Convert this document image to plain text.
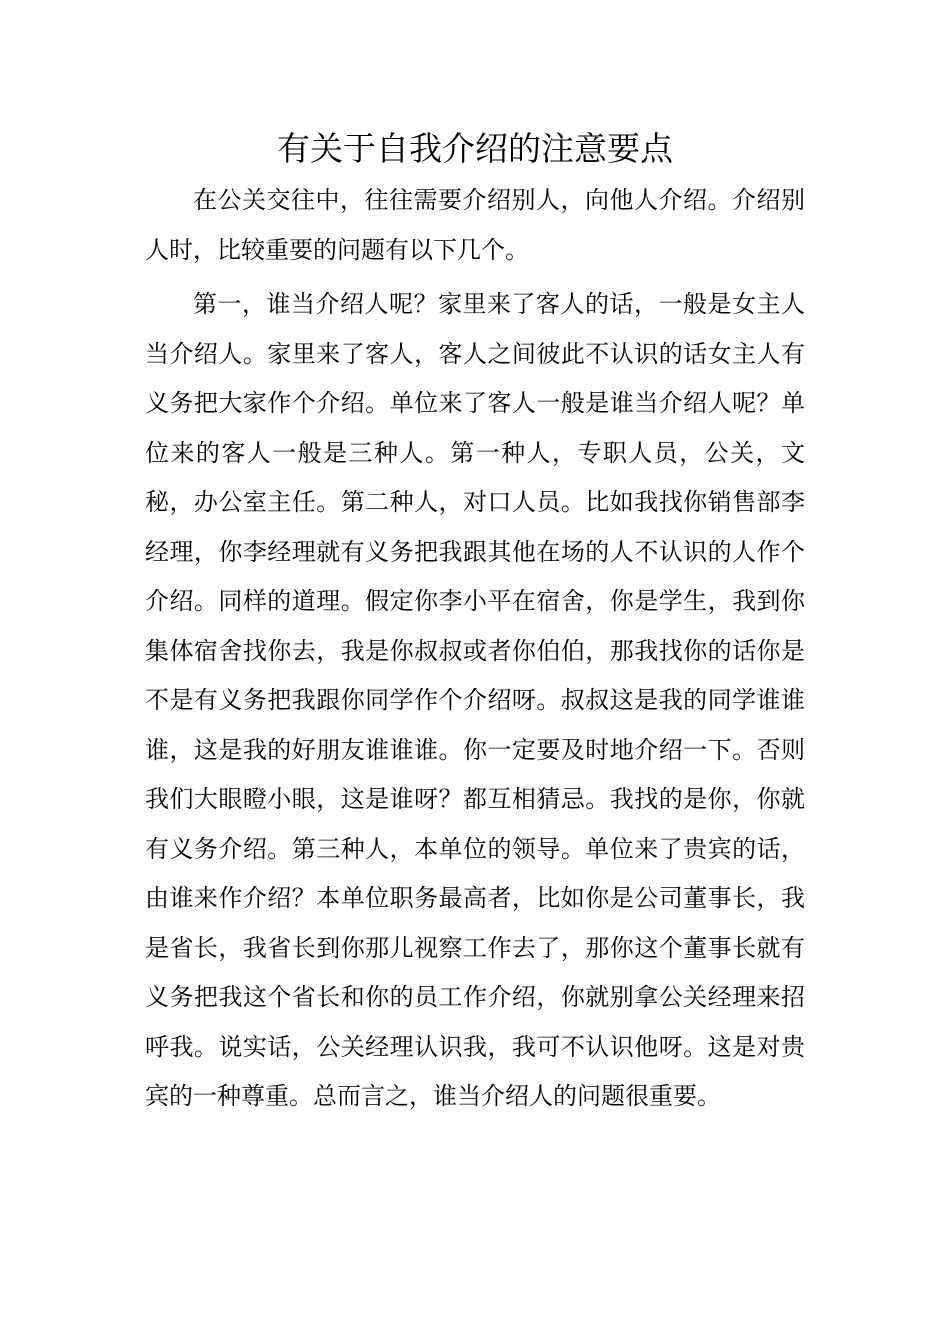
有关于自我介绍的注意要点

在公关交往中，往往需要介绍别人，向他人介绍。介绍别人时，比较重要的问题有以下几个。

第一，谁当介绍人呢？家里来了客人的话，一般是女主人当介绍人。家里来了客人，客人之间彼此不认识的话女主人有义务把大家作个介绍。单位来了客人一般是谁当介绍人呢？单位来的客人一般是三种人。第一种人，专职人员，公关，文秘，办公室主任。第二种人，对口人员。比如我找你销售部李经理，你李经理就有义务把我跟其他在场的人不认识的人作个介绍。同样的道理。假定你李小平在宿舍，你是学生，我到你集体宿舍找你去，我是你叔叔或者你伯伯，那我找你的话你是不是有义务把我跟你同学作个介绍呀。叔叔这是我的同学谁谁谁，这是我的好朋友谁谁谁。你一定要及时地介绍一下。否则我们大眼瞪小眼，这是谁呀？都互相猜忌。我找的是你，你就有义务介绍。第三种人，本单位的领导。单位来了贵宾的话，由谁来作介绍？本单位职务最高者，比如你是公司董事长，我是省长，我省长到你那儿视察工作去了，那你这个董事长就有义务把我这个省长和你的员工作介绍，你就别拿公关经理来招呼我。说实话，公关经理认识我，我可不认识他呀。这是对贵宾的一种尊重。总而言之，谁当介绍人的问题很重要。
